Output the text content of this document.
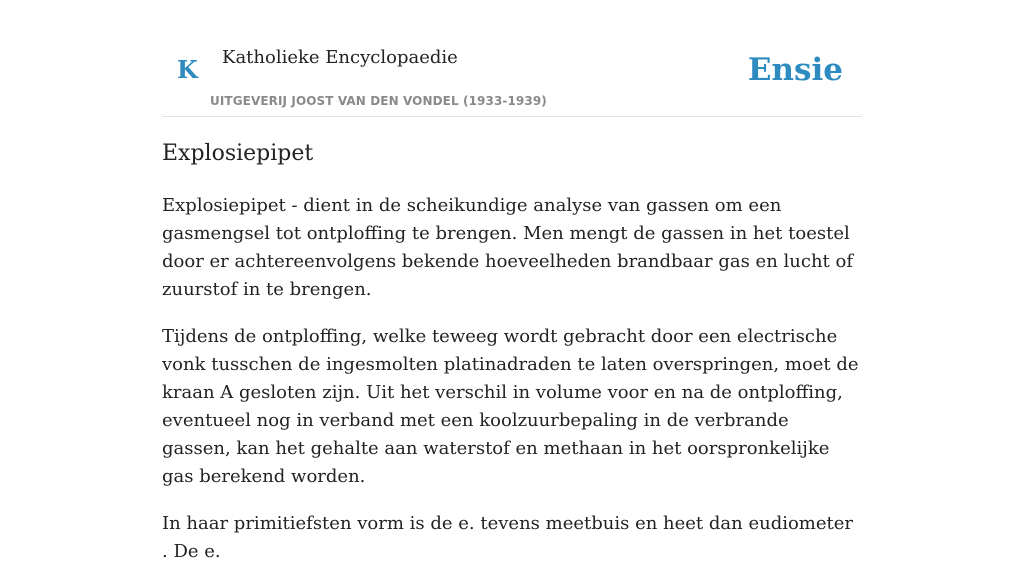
K Katholieke Encyclopaedie
UITGEVERIJ JOOST VAN DEN VONDEL (1933-1939)
Ensie
Explosiepipet

Explosiepipet - dient in de scheikundige analyse van gassen om een gasmengsel tot ontploffing te brengen. Men mengt de gassen in het toestel door er achtereenvolgens bekende hoeveelheden brandbaar gas en lucht of zuurstof in te brengen.

Tijdens de ontploffing, welke teweeg wordt gebracht door een electrische vonk tusschen de ingesmolten platinadraden te laten overspringen, moet de kraan A gesloten zijn. Uit het verschil in volume voor en na de ontploffing, eventueel nog in verband met een koolzuurbepaling in de verbrande gassen, kan het gehalte aan waterstof en methaan in het oorspronkelijke gas berekend worden.

In haar primitiefsten vorm is de e. tevens meetbuis en heet dan eudiometer . De e.
